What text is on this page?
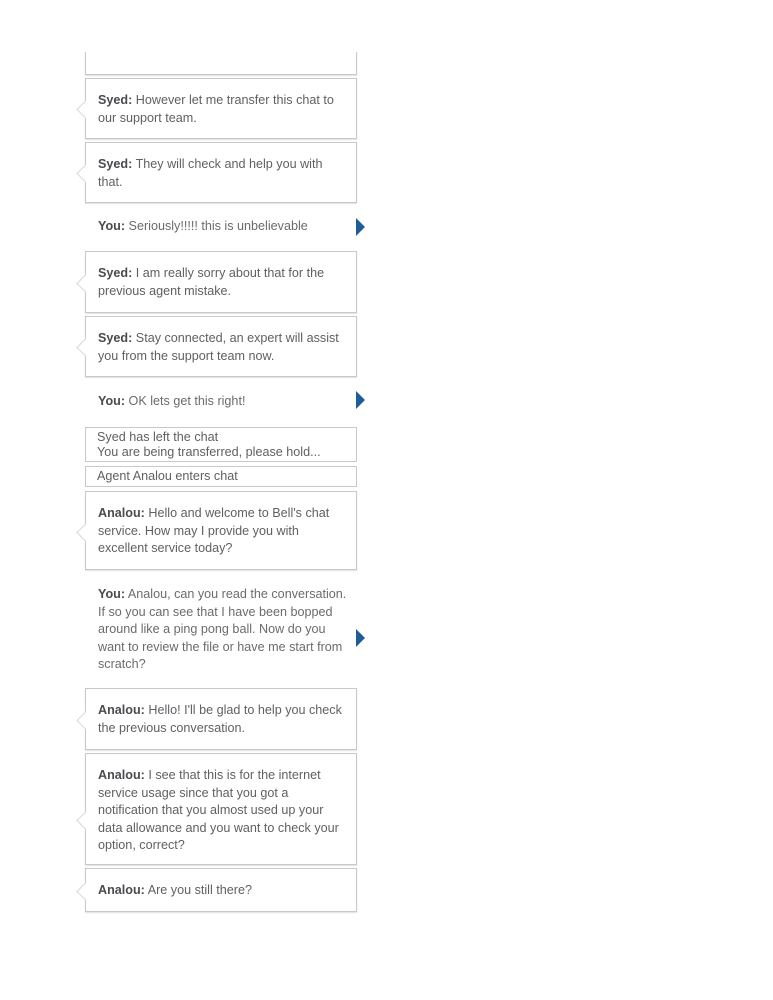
Syed: However let me transfer this chat to our support team.
Syed: They will check and help you with that.
You: Seriously!!!!! this is unbelievable
Syed: I am really sorry about that for the previous agent mistake.
Syed: Stay connected, an expert will assist you from the support team now.
You: OK lets get this right!
Syed has left the chat
You are being transferred, please hold...
Agent Analou enters chat
Analou: Hello and welcome to Bell's chat service. How may I provide you with excellent service today?
You: Analou, can you read the conversation. If so you can see that I have been bopped around like a ping pong ball. Now do you want to review the file or have me start from scratch?
Analou: Hello! I'll be glad to help you check the previous conversation.
Analou: I see that this is for the internet service usage since that you got a notification that you almost used up your data allowance and you want to check your option, correct?
Analou: Are you still there?
